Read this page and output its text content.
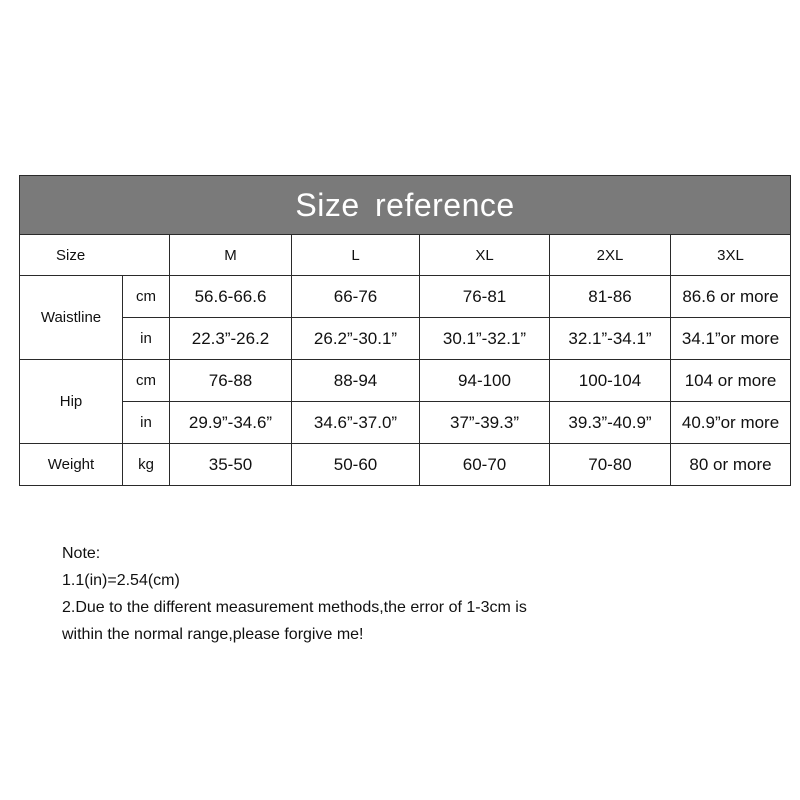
Size reference						
Size		M	L	XL	2XL	3XL
Waistline	cm	56.6-66.6	66-76	76-81	81-86	86.6 or more
	in	22.3”-26.2	26.2”-30.1”	30.1”-32.1”	32.1”-34.1”	34.1”or more
Hip	cm	76-88	88-94	94-100	100-104	104 or more
	in	29.9”-34.6”	34.6”-37.0”	37”-39.3”	39.3”-40.9”	40.9”or more
Weight	kg	35-50	50-60	60-70	70-80	80 or more
Note:
1.1(in)=2.54(cm)
2.Due to the different measurement methods,the error of 1-3cm is
within the normal range,please forgive me!
